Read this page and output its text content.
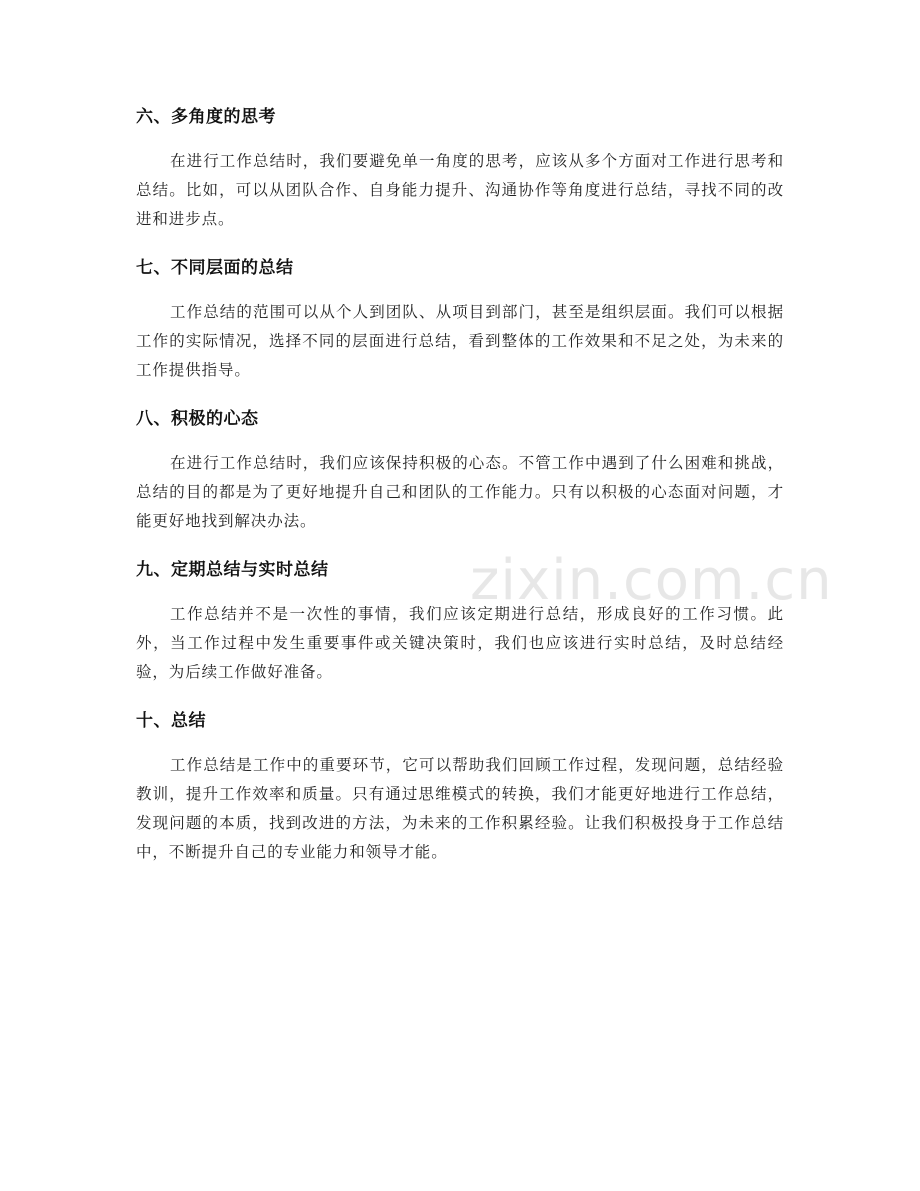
六、多角度的思考

在进行工作总结时，我们要避免单一角度的思考，应该从多个方面对工作进行思考和总结。比如，可以从团队合作、自身能力提升、沟通协作等角度进行总结，寻找不同的改进和进步点。

七、不同层面的总结

工作总结的范围可以从个人到团队、从项目到部门，甚至是组织层面。我们可以根据工作的实际情况，选择不同的层面进行总结，看到整体的工作效果和不足之处，为未来的工作提供指导。

八、积极的心态

在进行工作总结时，我们应该保持积极的心态。不管工作中遇到了什么困难和挑战，总结的目的都是为了更好地提升自己和团队的工作能力。只有以积极的心态面对问题，才能更好地找到解决办法。

九、定期总结与实时总结

工作总结并不是一次性的事情，我们应该定期进行总结，形成良好的工作习惯。此外，当工作过程中发生重要事件或关键决策时，我们也应该进行实时总结，及时总结经验，为后续工作做好准备。

十、总结

工作总结是工作中的重要环节，它可以帮助我们回顾工作过程，发现问题，总结经验教训，提升工作效率和质量。只有通过思维模式的转换，我们才能更好地进行工作总结，发现问题的本质，找到改进的方法，为未来的工作积累经验。让我们积极投身于工作总结中，不断提升自己的专业能力和领导才能。

zixin.com.cn
